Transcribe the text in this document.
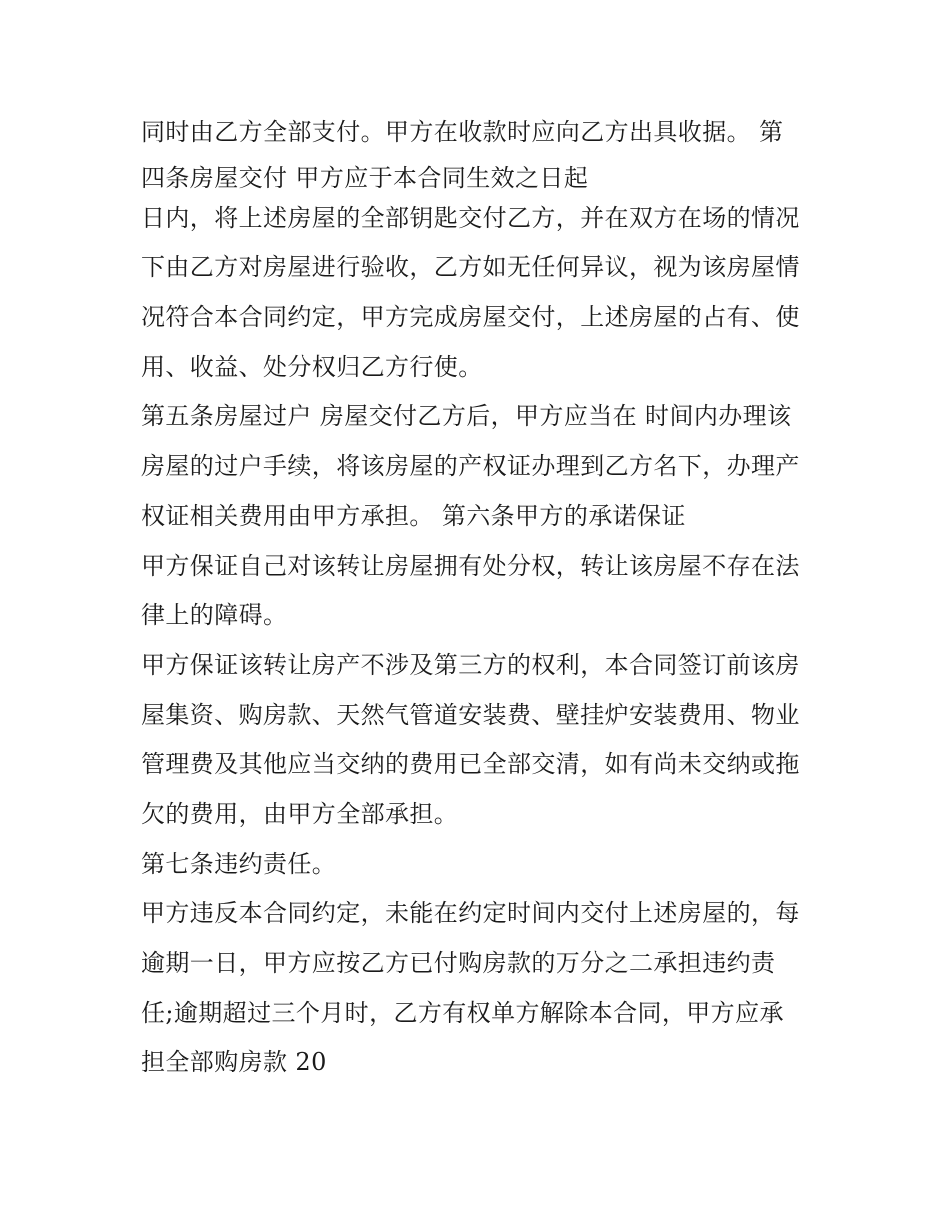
同时由乙方全部支付。甲方在收款时应向乙方出具收据。 第
四条房屋交付 甲方应于本合同生效之日起
日内，将上述房屋的全部钥匙交付乙方，并在双方在场的情况
下由乙方对房屋进行验收，乙方如无任何异议，视为该房屋情
况符合本合同约定，甲方完成房屋交付，上述房屋的占有、使
用、收益、处分权归乙方行使。
第五条房屋过户 房屋交付乙方后，甲方应当在 时间内办理该
房屋的过户手续，将该房屋的产权证办理到乙方名下，办理产
权证相关费用由甲方承担。 第六条甲方的承诺保证
甲方保证自己对该转让房屋拥有处分权，转让该房屋不存在法
律上的障碍。
甲方保证该转让房产不涉及第三方的权利，本合同签订前该房
屋集资、购房款、天然气管道安装费、壁挂炉安装费用、物业
管理费及其他应当交纳的费用已全部交清，如有尚未交纳或拖
欠的费用，由甲方全部承担。
第七条违约责任。
甲方违反本合同约定，未能在约定时间内交付上述房屋的，每
逾期一日，甲方应按乙方已付购房款的万分之二承担违约责
任;逾期超过三个月时，乙方有权单方解除本合同，甲方应承
担全部购房款 20
